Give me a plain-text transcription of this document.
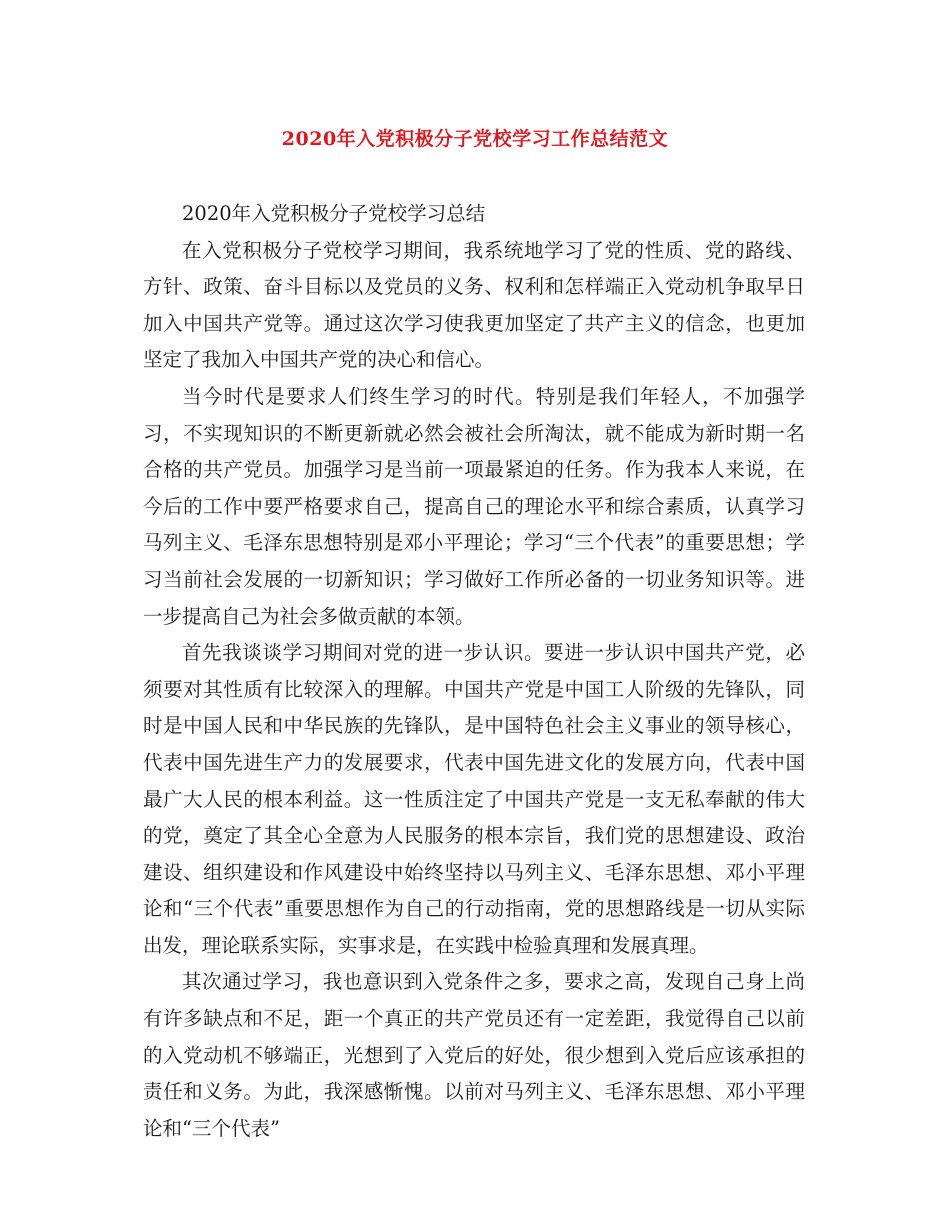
2020年入党积极分子党校学习工作总结范文

2020年入党积极分子党校学习总结

在入党积极分子党校学习期间，我系统地学习了党的性质、党的路线、方针、政策、奋斗目标以及党员的义务、权利和怎样端正入党动机争取早日加入中国共产党等。通过这次学习使我更加坚定了共产主义的信念，也更加坚定了我加入中国共产党的决心和信心。

当今时代是要求人们终生学习的时代。特别是我们年轻人，不加强学习，不实现知识的不断更新就必然会被社会所淘汰，就不能成为新时期一名合格的共产党员。加强学习是当前一项最紧迫的任务。作为我本人来说，在今后的工作中要严格要求自己，提高自己的理论水平和综合素质，认真学习马列主义、毛泽东思想特别是邓小平理论；学习“三个代表”的重要思想；学习当前社会发展的一切新知识；学习做好工作所必备的一切业务知识等。进一步提高自己为社会多做贡献的本领。

首先我谈谈学习期间对党的进一步认识。要进一步认识中国共产党，必须要对其性质有比较深入的理解。中国共产党是中国工人阶级的先锋队，同时是中国人民和中华民族的先锋队，是中国特色社会主义事业的领导核心，代表中国先进生产力的发展要求，代表中国先进文化的发展方向，代表中国最广大人民的根本利益。这一性质注定了中国共产党是一支无私奉献的伟大的党，奠定了其全心全意为人民服务的根本宗旨，我们党的思想建设、政治建设、组织建设和作风建设中始终坚持以马列主义、毛泽东思想、邓小平理论和“三个代表”重要思想作为自己的行动指南，党的思想路线是一切从实际出发，理论联系实际，实事求是，在实践中检验真理和发展真理。

其次通过学习，我也意识到入党条件之多，要求之高，发现自己身上尚有许多缺点和不足，距一个真正的共产党员还有一定差距，我觉得自己以前的入党动机不够端正，光想到了入党后的好处，很少想到入党后应该承担的责任和义务。为此，我深感惭愧。以前对马列主义、毛泽东思想、邓小平理论和“三个代表”
